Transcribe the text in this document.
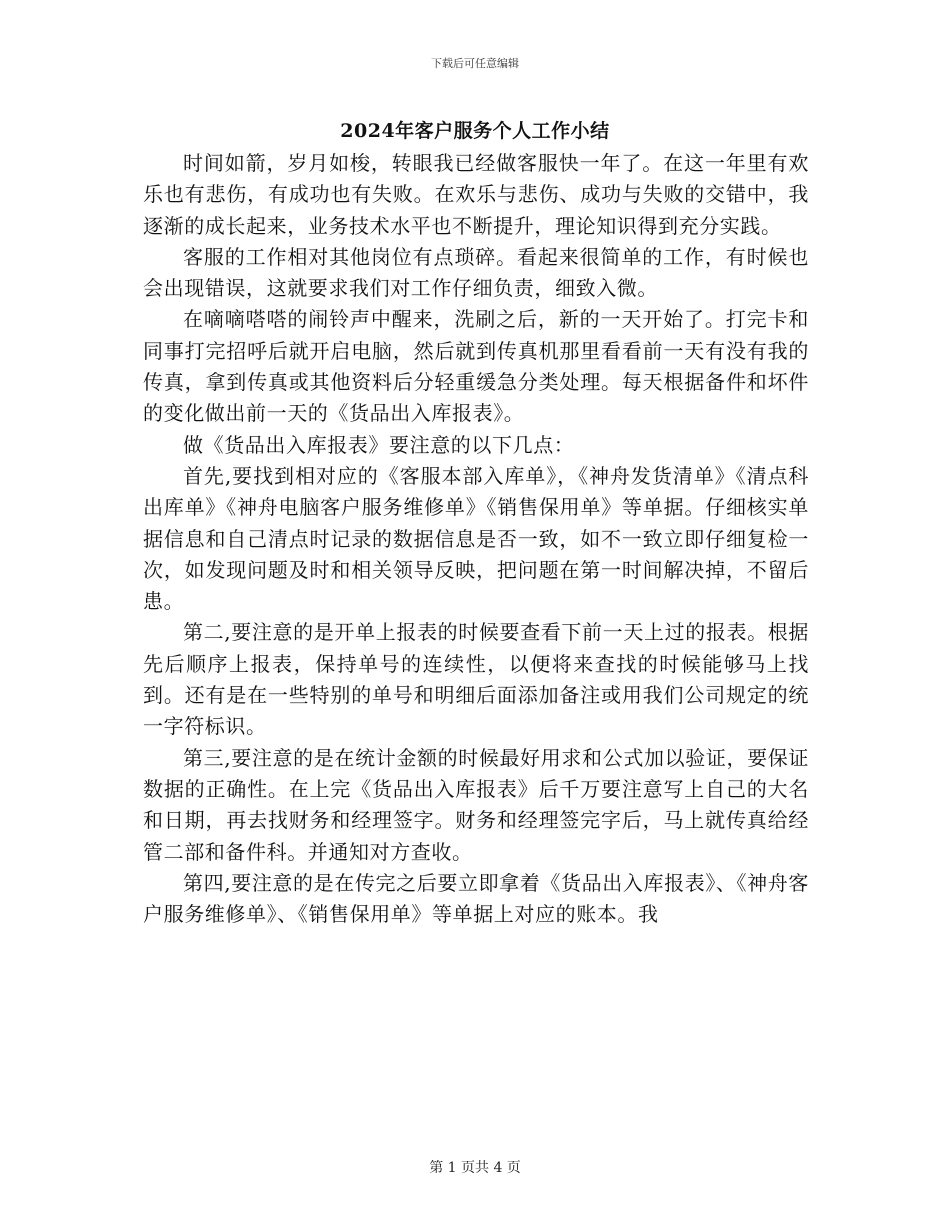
下载后可任意编辑
2024年客户服务个人工作小结

时间如箭，岁月如梭，转眼我已经做客服快一年了。在这一年里有欢乐也有悲伤，有成功也有失败。在欢乐与悲伤、成功与失败的交错中，我逐渐的成长起来，业务技术水平也不断提升，理论知识得到充分实践。

客服的工作相对其他岗位有点琐碎。看起来很简单的工作，有时候也会出现错误，这就要求我们对工作仔细负责，细致入微。

在嘀嘀嗒嗒的闹铃声中醒来，洗刷之后，新的一天开始了。打完卡和同事打完招呼后就开启电脑，然后就到传真机那里看看前一天有没有我的传真，拿到传真或其他资料后分轻重缓急分类处理。每天根据备件和坏件的变化做出前一天的《货品出入库报表》。

做《货品出入库报表》要注意的以下几点：

首先,要找到相对应的《客服本部入库单》，《神舟发货清单》《清点科出库单》《神舟电脑客户服务维修单》《销售保用单》等单据。仔细核实单据信息和自己清点时记录的数据信息是否一致，如不一致立即仔细复检一次，如发现问题及时和相关领导反映，把问题在第一时间解决掉，不留后患。

第二,要注意的是开单上报表的时候要查看下前一天上过的报表。根据先后顺序上报表，保持单号的连续性，以便将来查找的时候能够马上找到。还有是在一些特别的单号和明细后面添加备注或用我们公司规定的统一字符标识。

第三,要注意的是在统计金额的时候最好用求和公式加以验证，要保证数据的正确性。在上完《货品出入库报表》后千万要注意写上自己的大名和日期，再去找财务和经理签字。财务和经理签完字后，马上就传真给经管二部和备件科。并通知对方查收。

第四,要注意的是在传完之后要立即拿着《货品出入库报表》、《神舟客户服务维修单》、《销售保用单》等单据上对应的账本。我

第 1 页共 4 页
